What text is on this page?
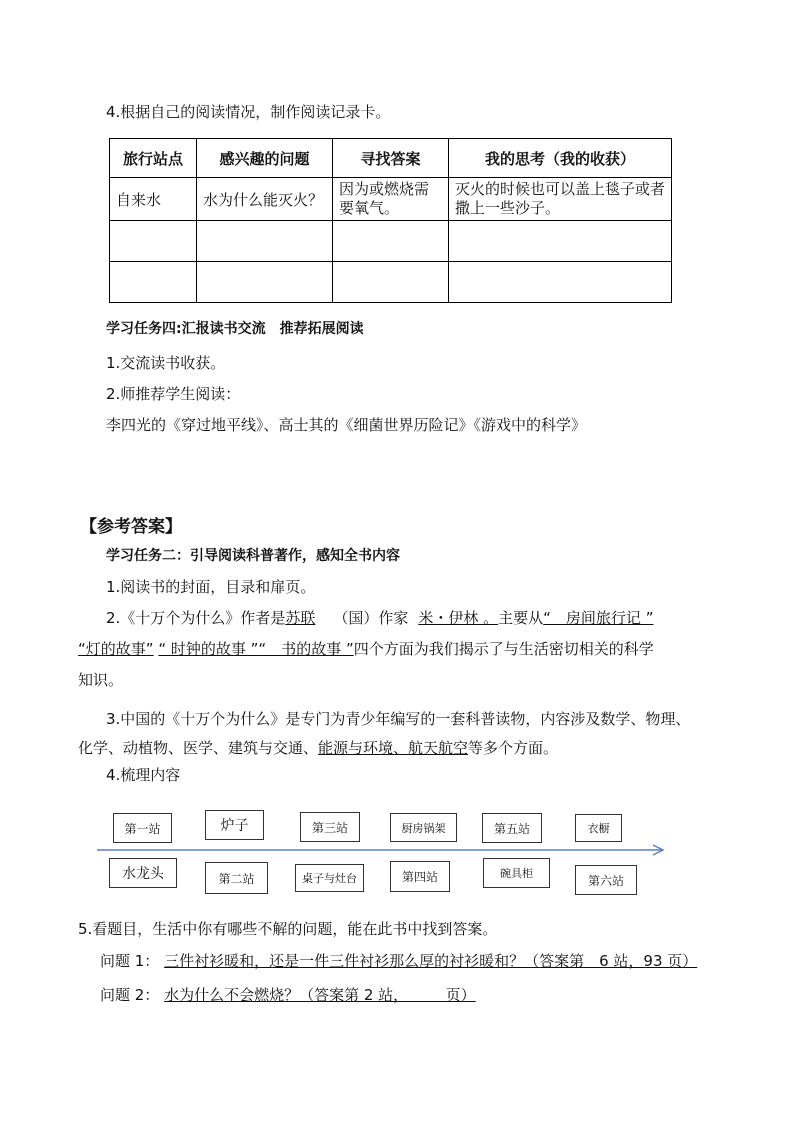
4.根据自己的阅读情况，制作阅读记录卡。
旅行站点	感兴趣的问题	寻找答案	我的思考（我的收获）
自来水	水为什么能灭火？	因为或燃烧需要氧气。	灭火的时候也可以盖上毯子或者撒上一些沙子。

学习任务四:汇报读书交流　推荐拓展阅读
1.交流读书收获。
2.师推荐学生阅读：
李四光的《穿过地平线》、高士其的《细菌世界历险记》《游戏中的科学》
【参考答案】
学习任务二：引导阅读科普著作，感知全书内容
1.阅读书的封面，目录和扉页。
2.《十万个为什么》作者是苏联 （国）作家 米・伊林 。主要从“　房间旅行记 ”
“灯的故事” “ 时钟的故事 ”“　书的故事 ”四个方面为我们揭示了与生活密切相关的科学
知识。
3.中国的《十万个为什么》是专门为青少年编写的一套科普读物，内容涉及数学、物理、
化学、动植物、医学、建筑与交通、能源与环境、航天航空等多个方面。
4.梳理内容
第一站	炉子	第三站	厨房锅架	第五站	衣橱
水龙头	第二站	桌子与灶台	第四站	碗具柜	第六站
5.看题目，生活中你有哪些不解的问题，能在此书中找到答案。
问题 1： 三件衬衫暖和，还是一件三件衬衫那么厚的衬衫暖和？（答案第　6 站，93 页）
问题 2： 水为什么不会燃烧？（答案第 2 站，　　　页）
